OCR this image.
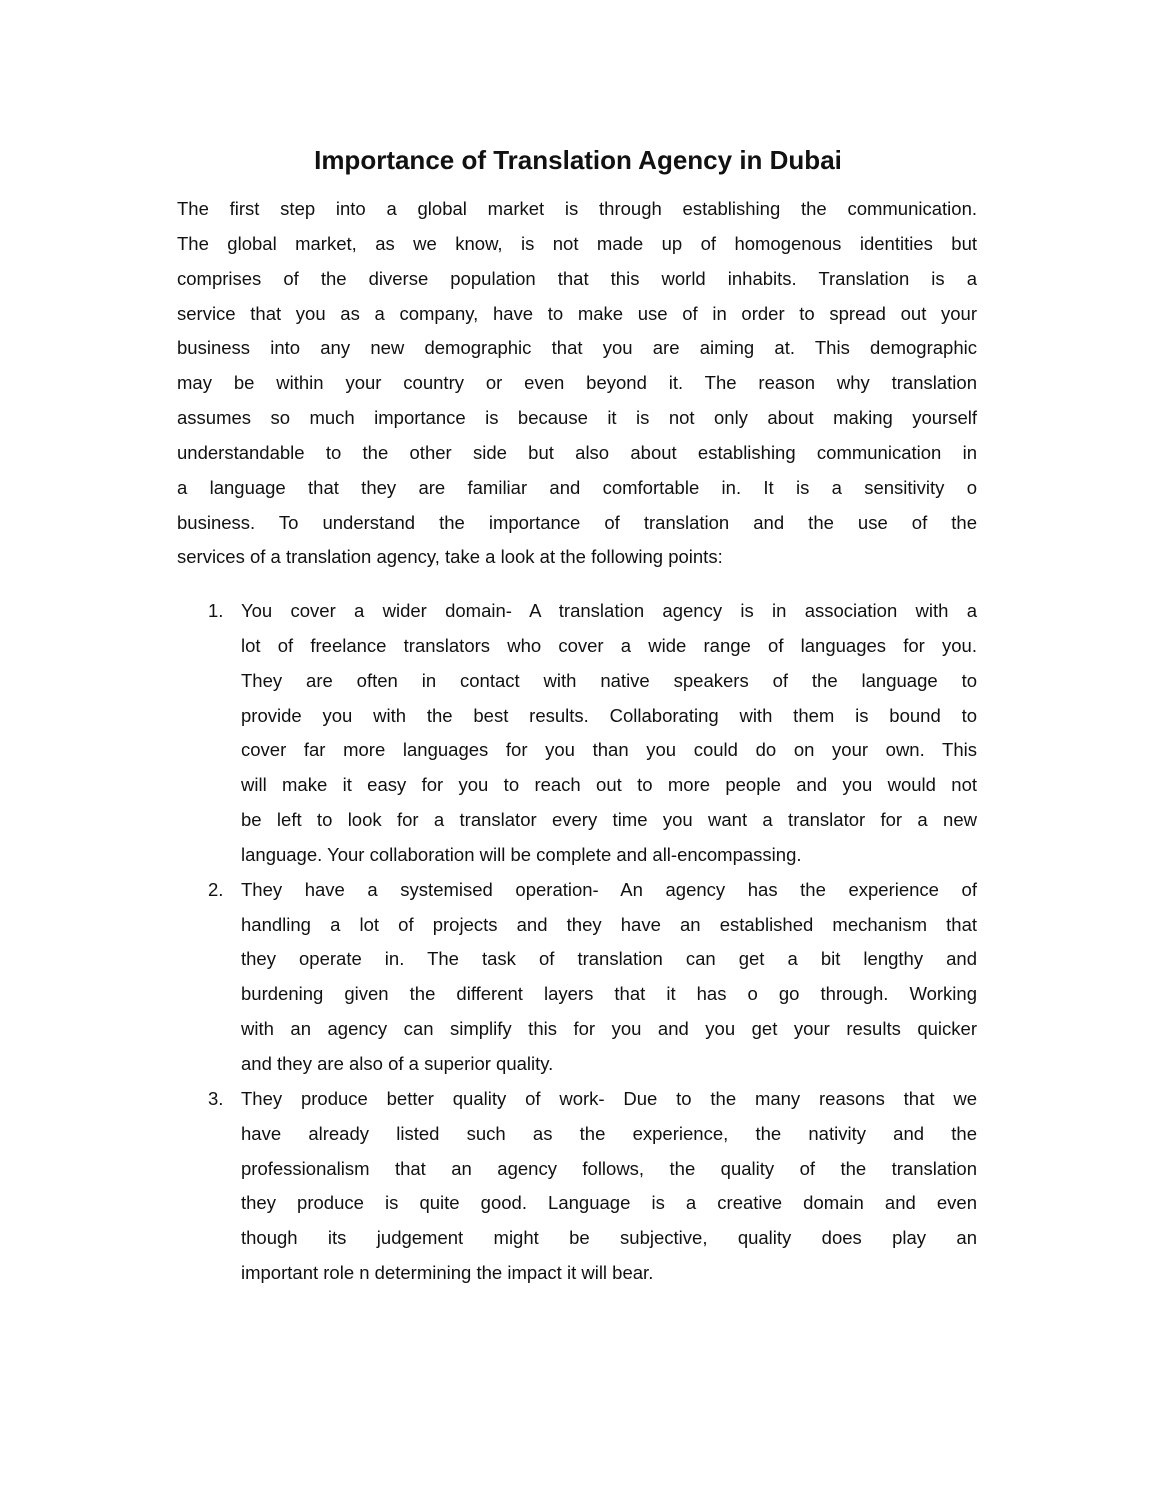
Importance of Translation Agency in Dubai
The first step into a global market is through establishing the communication.
The global market, as we know, is not made up of homogenous identities but
comprises of the diverse population that this world inhabits. Translation is a
service that you as a company, have to make use of in order to spread out your
business into any new demographic that you are aiming at. This demographic
may be within your country or even beyond it. The reason why translation
assumes so much importance is because it is not only about making yourself
understandable to the other side but also about establishing communication in
a language that they are familiar and comfortable in. It is a sensitivity o
business. To understand the importance of translation and the use of the
services of a translation agency, take a look at the following points:
1. You cover a wider domain- A translation agency is in association with a
lot of freelance translators who cover a wide range of languages for you.
They are often in contact with native speakers of the language to
provide you with the best results. Collaborating with them is bound to
cover far more languages for you than you could do on your own. This
will make it easy for you to reach out to more people and you would not
be left to look for a translator every time you want a translator for a new
language. Your collaboration will be complete and all-encompassing.
2. They have a systemised operation- An agency has the experience of
handling a lot of projects and they have an established mechanism that
they operate in. The task of translation can get a bit lengthy and
burdening given the different layers that it has o go through. Working
with an agency can simplify this for you and you get your results quicker
and they are also of a superior quality.
3. They produce better quality of work- Due to the many reasons that we
have already listed such as the experience, the nativity and the
professionalism that an agency follows, the quality of the translation
they produce is quite good. Language is a creative domain and even
though its judgement might be subjective, quality does play an
important role n determining the impact it will bear.
